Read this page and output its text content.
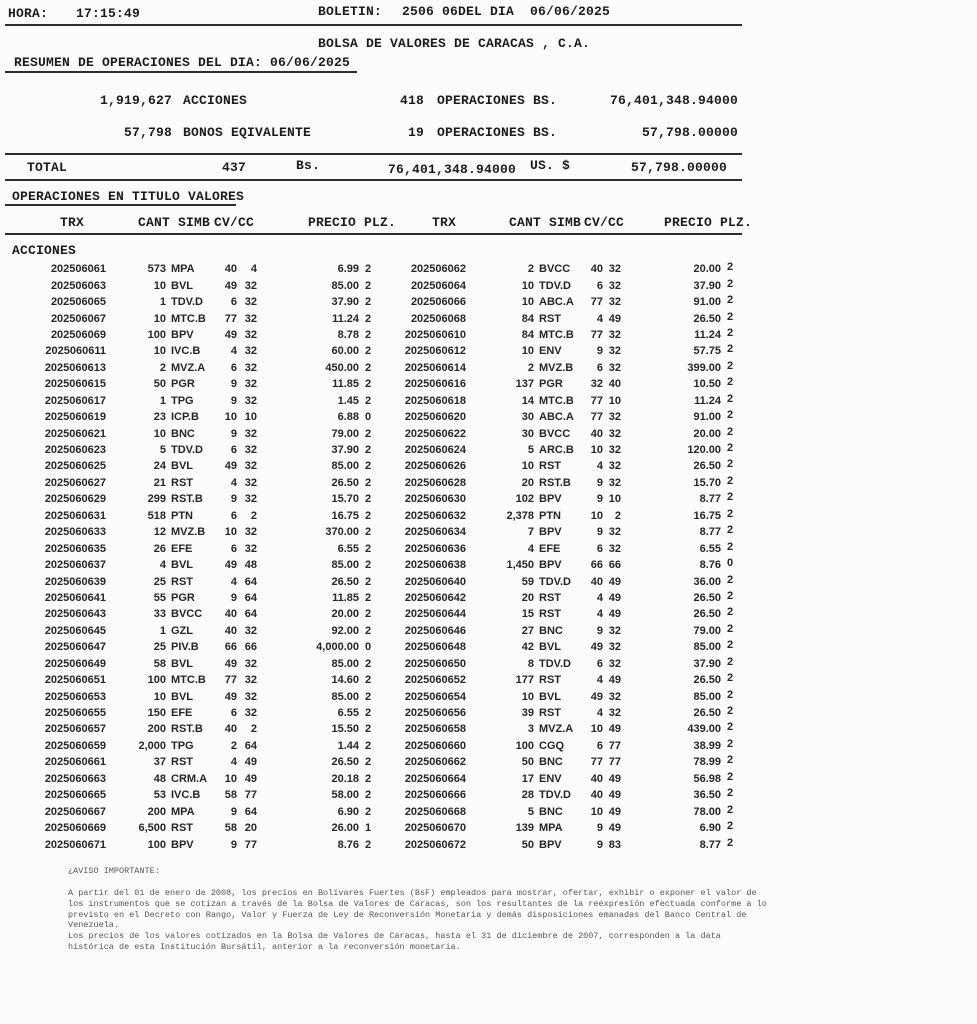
HORA: 17:15:49	BOLETIN: 2506 06DEL DIA  06/06/2025
BOLSA DE VALORES DE CARACAS , C.A.
RESUMEN DE OPERACIONES DEL DIA: 06/06/2025
1,919,627 ACCIONES	418 OPERACIONES BS.	76,401,348.94000
57,798 BONOS EQIVALENTE	19 OPERACIONES BS.	57,798.00000
TOTAL	437	Bs.	76,401,348.94000 US. $	57,798.00000
OPERACIONES EN TITULO VALORES
TRX	CANT SIMB CV/CC	PRECIO PLZ.	TRX	CANT SIMB CV/CC	PRECIO PLZ.
ACCIONES
202506061	573 MPA	40	4	6.99 2	202506062	2 BVCC	40 32	20.00 2
202506063	10 BVL	49 32	85.00 2	202506064	10 TDV.D	6 32	37.90 2
202506065	1 TDV.D	6 32	37.90 2	202506066	10 ABC.A	77 32	91.00 2
202506067	10 MTC.B	77 32	11.24 2	202506068	84 RST	4 49	26.50 2
202506069	100 BPV	49 32	8.78 2	2025060610	84 MTC.B	77 32	11.24 2
2025060611	10 IVC.B	4 32	60.00 2	2025060612	10 ENV	9 32	57.75 2
2025060613	2 MVZ.A	6 32	450.00 2	2025060614	2 MVZ.B	6 32	399.00 2
2025060615	50 PGR	9 32	11.85 2	2025060616	137 PGR	32 40	10.50 2
2025060617	1 TPG	9 32	1.45 2	2025060618	14 MTC.B	77 10	11.24 2
2025060619	23 ICP.B	10 10	6.88 0	2025060620	30 ABC.A	77 32	91.00 2
2025060621	10 BNC	9 32	79.00 2	2025060622	30 BVCC	40 32	20.00 2
2025060623	5 TDV.D	6 32	37.90 2	2025060624	5 ARC.B	10 32	120.00 2
2025060625	24 BVL	49 32	85.00 2	2025060626	10 RST	4 32	26.50 2
2025060627	21 RST	4 32	26.50 2	2025060628	20 RST.B	9 32	15.70 2
2025060629	299 RST.B	9 32	15.70 2	2025060630	102 BPV	9 10	8.77 2
2025060631	518 PTN	6	2	16.75 2	2025060632	2,378 PTN	10	2	16.75 2
2025060633	12 MVZ.B	10 32	370.00 2	2025060634	7 BPV	9 32	8.77 2
2025060635	26 EFE	6 32	6.55 2	2025060636	4 EFE	6 32	6.55 2
2025060637	4 BVL	49 48	85.00 2	2025060638	1,450 BPV	66 66	8.76 0
2025060639	25 RST	4 64	26.50 2	2025060640	59 TDV.D	40 49	36.00 2
2025060641	55 PGR	9 64	11.85 2	2025060642	20 RST	4 49	26.50 2
2025060643	33 BVCC	40 64	20.00 2	2025060644	15 RST	4 49	26.50 2
2025060645	1 GZL	40 32	92.00 2	2025060646	27 BNC	9 32	79.00 2
2025060647	25 PIV.B	66 66	4,000.00 0	2025060648	42 BVL	49 32	85.00 2
2025060649	58 BVL	49 32	85.00 2	2025060650	8 TDV.D	6 32	37.90 2
2025060651	100 MTC.B	77 32	14.60 2	2025060652	177 RST	4 49	26.50 2
2025060653	10 BVL	49 32	85.00 2	2025060654	10 BVL	49 32	85.00 2
2025060655	150 EFE	6 32	6.55 2	2025060656	39 RST	4 32	26.50 2
2025060657	200 RST.B	40	2	15.50 2	2025060658	3 MVZ.A	10 49	439.00 2
2025060659	2,000 TPG	2 64	1.44 2	2025060660	100 CGQ	6 77	38.99 2
2025060661	37 RST	4 49	26.50 2	2025060662	50 BNC	77 77	78.99 2
2025060663	48 CRM.A	10 49	20.18 2	2025060664	17 ENV	40 49	56.98 2
2025060665	53 IVC.B	58 77	58.00 2	2025060666	28 TDV.D	40 49	36.50 2
2025060667	200 MPA	9 64	6.90 2	2025060668	5 BNC	10 49	78.00 2
2025060669	6,500 RST	58 20	26.00 1	2025060670	139 MPA	9 49	6.90 2
2025060671	100 BPV	9 77	8.76 2	2025060672	50 BPV	9 83	8.77 2
¿AVISO IMPORTANTE:
A partir del 01 de enero de 2008, los precios en Bolívares Fuertes (BsF) empleados para mostrar, ofertar, exhibir o exponer el valor de
los instrumentos que se cotizan a través de la Bolsa de Valores de Caracas, son los resultantes de la reexpresión efectuada conforme a lo
previsto en el Decreto con Rango, Valor y Fuerza de Ley de Reconversión Monetaria y demás disposiciones emanadas del Banco Central de
Venezuela.
Los precios de los valores cotizados en la Bolsa de Valores de Caracas, hasta el 31 de diciembre de 2007, corresponden a la data
histórica de esta Institución Bursátil, anterior a la reconversión monetaria.
